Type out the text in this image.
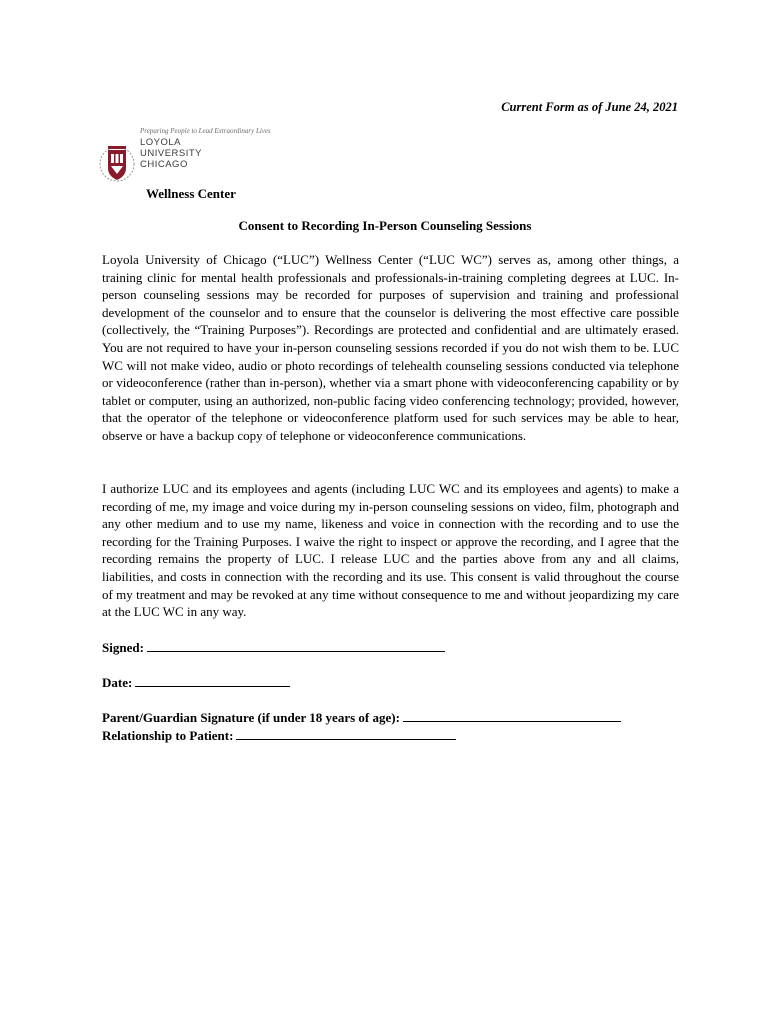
Current Form as of June 24, 2021
Preparing People to Lead Extraordinary Lives
LOYOLA
UNIVERSITY
CHICAGO
Wellness Center
Consent to Recording In-Person Counseling Sessions

Loyola University of Chicago (“LUC”) Wellness Center (“LUC WC”) serves as, among other things, a training clinic for mental health professionals and professionals-in-training completing degrees at LUC. In-person counseling sessions may be recorded for purposes of supervision and training and professional development of the counselor and to ensure that the counselor is delivering the most effective care possible (collectively, the “Training Purposes”). Recordings are protected and confidential and are ultimately erased. You are not required to have your in-person counseling sessions recorded if you do not wish them to be. LUC WC will not make video, audio or photo recordings of telehealth counseling sessions conducted via telephone or videoconference (rather than in-person), whether via a smart phone with videoconferencing capability or by tablet or computer, using an authorized, non-public facing video conferencing technology; provided, however, that the operator of the telephone or videoconference platform used for such services may be able to hear, observe or have a backup copy of telephone or videoconference communications.

I authorize LUC and its employees and agents (including LUC WC and its employees and agents) to make a recording of me, my image and voice during my in-person counseling sessions on video, film, photograph and any other medium and to use my name, likeness and voice in connection with the recording and to use the recording for the Training Purposes. I waive the right to inspect or approve the recording, and I agree that the recording remains the property of LUC. I release LUC and the parties above from any and all claims, liabilities, and costs in connection with the recording and its use. This consent is valid throughout the course of my treatment and may be revoked at any time without consequence to me and without jeopardizing my care at the LUC WC in any way.

Signed:
Date:
Parent/Guardian Signature (if under 18 years of age):
Relationship to Patient:
